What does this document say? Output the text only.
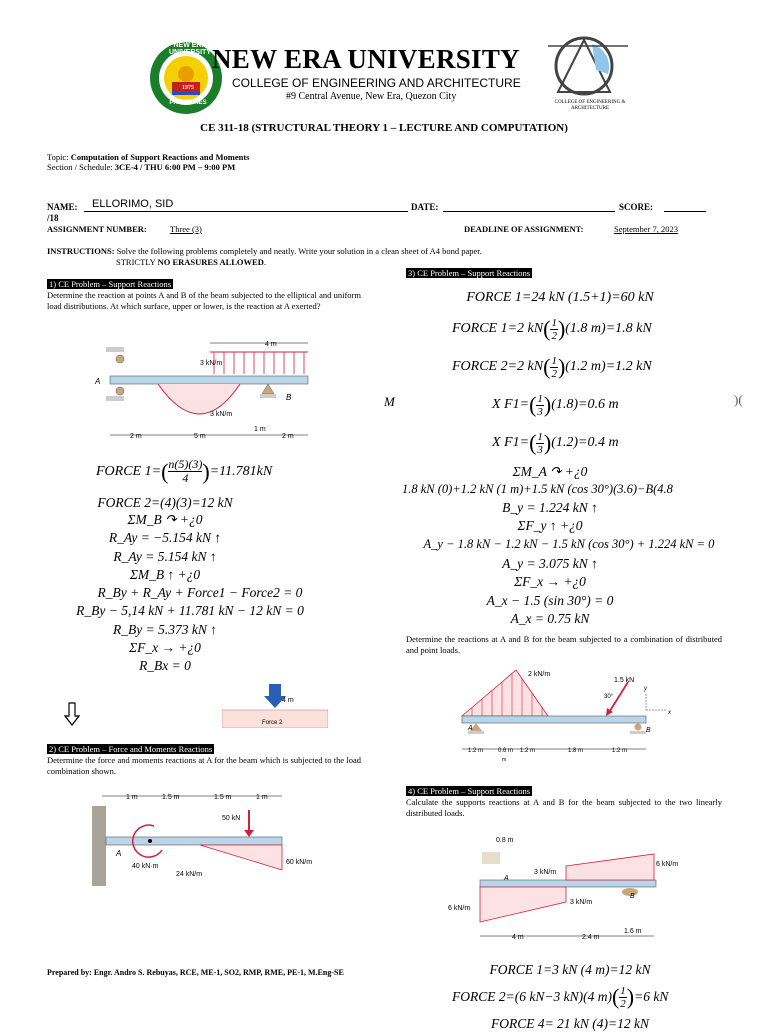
NEW ERA UNIVERSITY
1975
PHILIPPINES
NEW ERA UNIVERSITY
COLLEGE OF ENGINEERING AND ARCHITECTURE
#9 Central Avenue, New Era, Quezon City
COLLEGE OF ENGINEERING & ARCHITECTURE
CE 311-18 (STRUCTURAL THEORY 1 – LECTURE AND COMPUTATION)
Topic: Computation of Support Reactions and Moments
Section / Schedule: 3CE-4 / THU 6:00 PM – 9:00 PM
NAME: ELLORIMO, SID	DATE:	SCORE:
/18
ASSIGNMENT NUMBER:	Three (3)	DEADLINE OF ASSIGNMENT:	September 7, 2023
INSTRUCTIONS: Solve the following problems completely and neatly. Write your solution in a clean sheet of A4 bond paper.
STRICTLY NO ERASURES ALLOWED.
1) CE Problem – Support Reactions
Determine the reaction at points A and B of the beam subjected to the elliptical and uniform load distributions. At which surface, upper or lower, is the reaction at A exerted?
4 m
3 kN/m
A
3 kN/m
B
2 m	5 m
1 m
2 m
FORCE 1= ( n(5)(3)
4 ) =11.781kN
FORCE 2=(4)(3)=12 kN
ΣM_B ↷ +¿0
R_Ay = −5.154 kN ↑
R_Ay = 5.154 kN ↑
ΣM_B ↑ +¿0
R_By + R_Ay + Force1 − Force2 = 0
R_By − 5,14 kN + 11.781 kN − 12 kN = 0
R_By = 5.373 kN ↑
ΣF_x → +¿0
R_Bx = 0
4 m
Force 2
2) CE Problem – Force and Moments Reactions
Determine the force and moments reactions at A for the beam which is subjected to the load combination shown.
1 m	1.5 m	1.5 m	1 m
A
40 kN·m
50 kN
24 kN/m
60 kN/m
3) CE Problem – Support Reactions
FORCE 1=24 kN (1.5+1)=60 kN
FORCE 1=2 kN ( 1
2 ) (1.8 m)=1.8 kN
FORCE 2=2 kN ( 1
2 ) (1.2 m)=1.2 kN
X F1= ( 1
3 ) (1.8)=0.6 m
X F1= ( 1
3 ) (1.2)=0.4 m
M	)(
ΣM_A ↷ +¿0
1.8 kN (0)+1.2 kN (1 m)+1.5 kN (cos 30°)(3.6)−B(4.8
B_y = 1.224 kN ↑
ΣF_y ↑ +¿0
A_y − 1.8 kN − 1.2 kN − 1.5 kN (cos 30°) + 1.224 kN = 0
A_y = 3.075 kN ↑
ΣF_x → +¿0
A_x − 1.5 (sin 30°) = 0
A_x = 0.75 kN
Determine the reactions at A and B for the beam subjected to a combination of distributed and point loads.
2 kN/m
1.5 kN
30°
y
x
A	B
1.2 m 0.6 m 1.2 m	1.8 m	1.2 m
m
4) CE Problem – Support Reactions
Calculate the supports reactions at A and B for the beam subjected to the two linearly distributed loads.
0.8 m
A
3 kN/m
6 kN/m
6 kN/m
3 kN/m
B
4 m	2.4 m
1.6 m
FORCE 1=3 kN (4 m)=12 kN
FORCE 2=(6 kN−3 kN)(4 m) ( 1
2 ) =6 kN
FORCE 4= 21 kN (4)=12 kN
Prepared by: Engr. Andro S. Rebuyas, RCE, ME-1, SO2, RMP, RME, PE-1, M.Eng-SE
